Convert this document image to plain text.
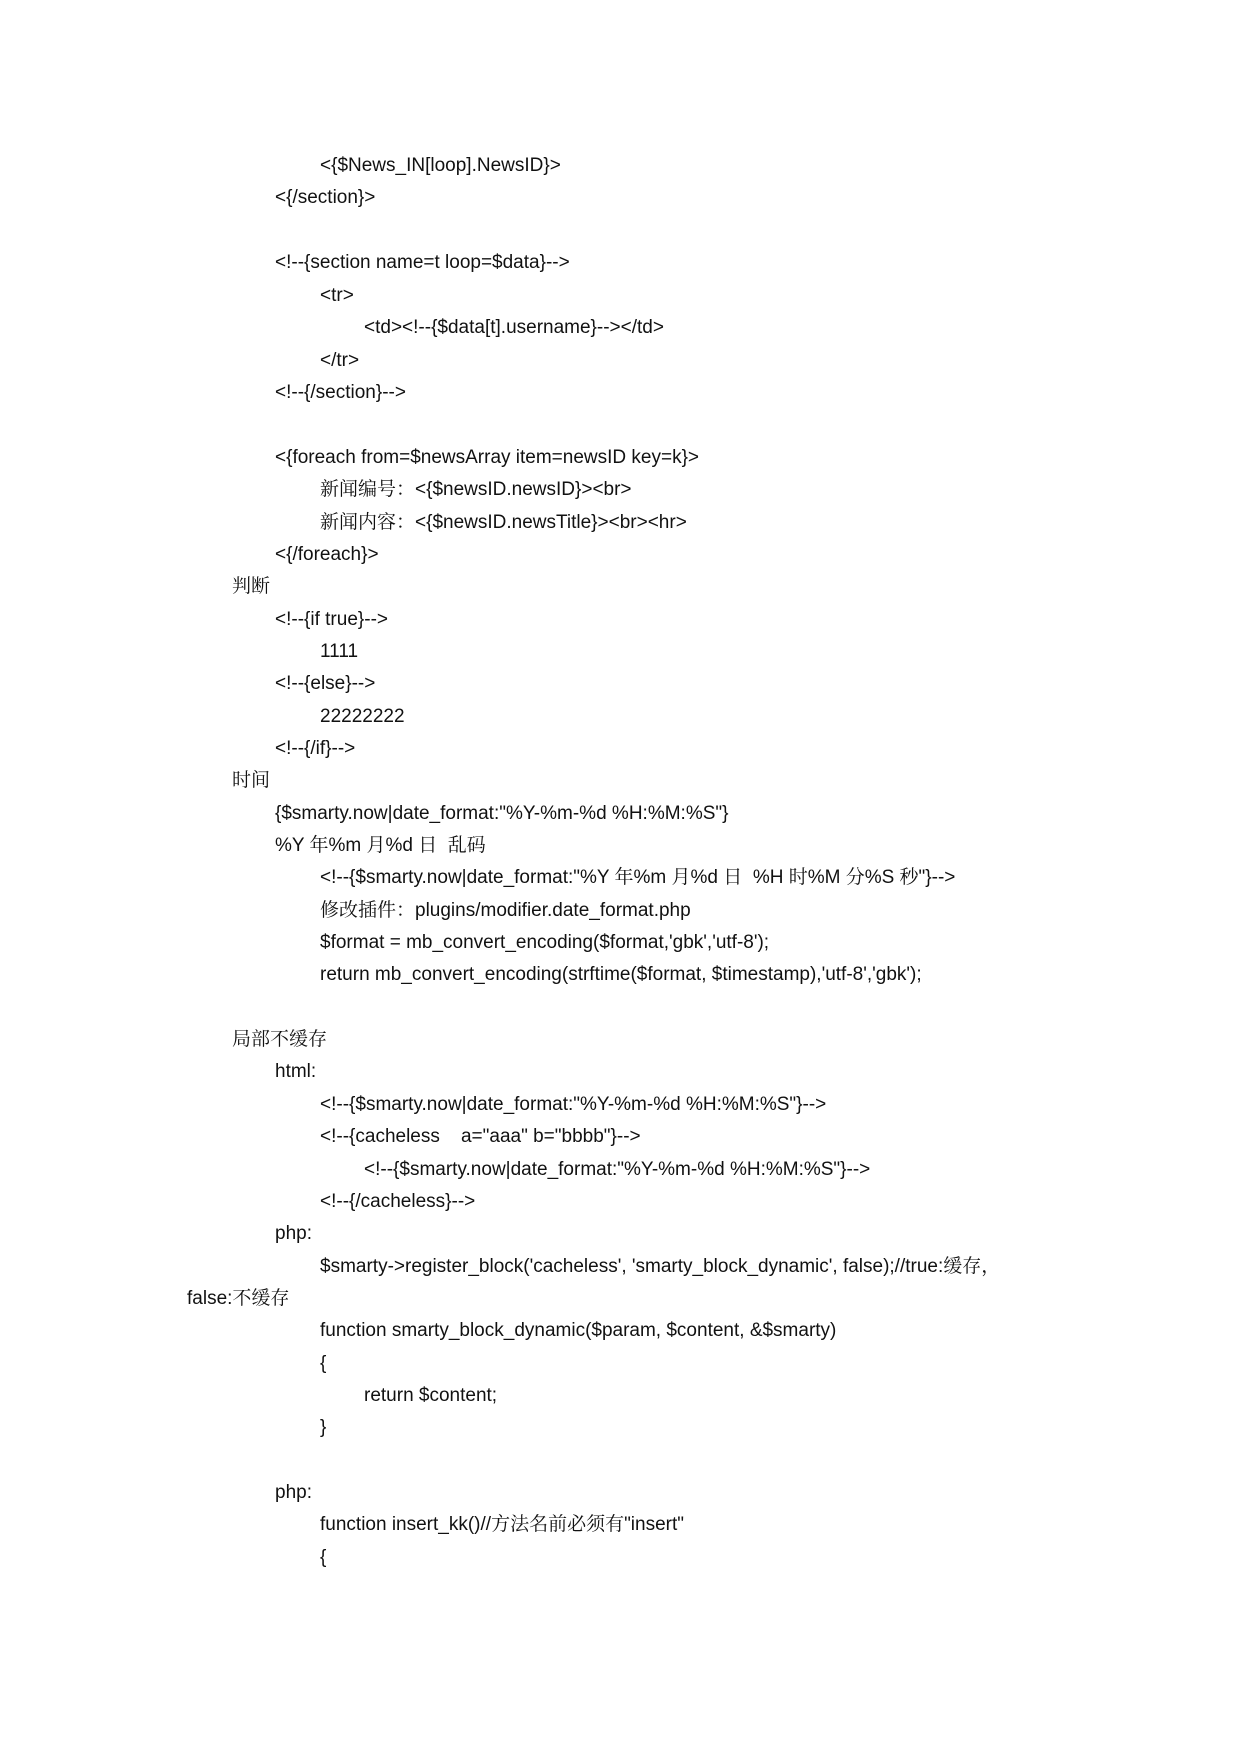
<{$News_IN[loop].NewsID}>
<{/section}>
<!--{section name=t loop=$data}-->
<tr>
<td><!--{$data[t].username}--></td>
</tr>
<!--{/section}-->
<{foreach from=$newsArray item=newsID key=k}>
新闻编号：<{$newsID.newsID}><br>
新闻内容：<{$newsID.newsTitle}><br><hr>
<{/foreach}>
判断
<!--{if true}-->
1111
<!--{else}-->
22222222
<!--{/if}-->
时间
{$smarty.now|date_format:"%Y-%m-%d %H:%M:%S"}
%Y 年%m 月%d 日  乱码
<!--{$smarty.now|date_format:"%Y 年%m 月%d 日  %H 时%M 分%S 秒"}-->
修改插件：plugins/modifier.date_format.php
$format = mb_convert_encoding($format,'gbk','utf-8');
return mb_convert_encoding(strftime($format, $timestamp),'utf-8','gbk');
局部不缓存
html:
<!--{$smarty.now|date_format:"%Y-%m-%d %H:%M:%S"}-->
<!--{cacheless    a="aaa" b="bbbb"}-->
<!--{$smarty.now|date_format:"%Y-%m-%d %H:%M:%S"}-->
<!--{/cacheless}-->
php:
$smarty->register_block('cacheless', 'smarty_block_dynamic', false);//true:缓存，
false:不缓存
function smarty_block_dynamic($param, $content, &$smarty)
{
return $content;
}
php:
function insert_kk()//方法名前必须有"insert"
{
